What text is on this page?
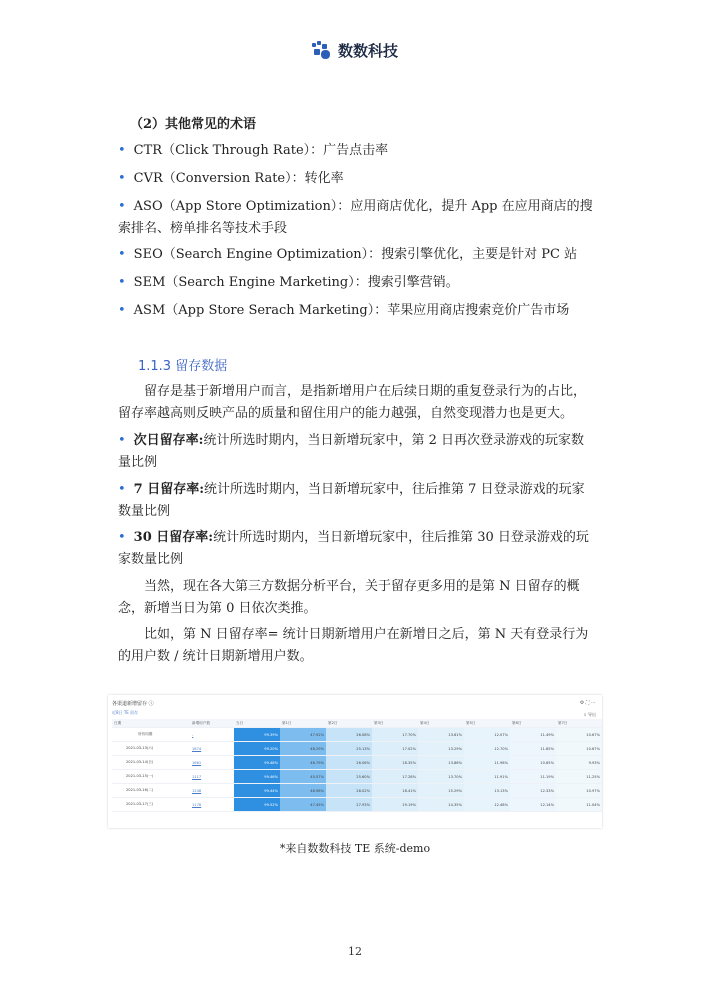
数数科技
（2）其他常见的术语
• CTR（Click Through Rate）：广告点击率
• CVR（Conversion Rate）：转化率
• ASO（App Store Optimization）：应用商店优化，提升 App 在应用商店的搜索排名、榜单排名等技术手段
• SEO（Search Engine Optimization）：搜索引擎优化，主要是针对 PC 站
• SEM（Search Engine Marketing）：搜索引擎营销。
• ASM（App Store Serach Marketing）：苹果应用商店搜索竞价广告市场
1.1.3 留存数据
留存是基于新增用户而言，是指新增用户在后续日期的重复登录行为的占比，留存率越高则反映产品的质量和留住用户的能力越强，自然变现潜力也是更大。
• 次日留存率:统计所选时期内，当日新增玩家中，第 2 日再次登录游戏的玩家数量比例
• 7 日留存率:统计所选时期内，当日新增玩家中，往后推第 7 日登录游戏的玩家数量比例
• 30 日留存率:统计所选时期内，当日新增玩家中，往后推第 30 日登录游戏的玩家数量比例
当然，现在各大第三方数据分析平台，关于留存更多用的是第 N 日留存的概念，新增当日为第 0 日依次类推。
比如，第 N 日留存率= 统计日期新增用户在新增日之后，第 N 天有登录行为的用户数 / 统计日期新增用户数。
各渠道新增留存 ⓘ
近8日 TE 留存
⚙ ⛶ ⋯
⇩ 导出
日期	新增用户数	当日	第1日	第2日	第3日	第4日	第5日	第6日	第7日
所有同期	-	99.39%	47.92%	26.08%	17.70%	13.61%	12.07%	11.49%	10.67%
2021-03-13(六)	1874	99.20%	48.29%	25.13%	17.02%	13.29%	12.70%	11.85%	10.67%
2021-03-14(日)	1661	99.48%	46.79%	26.06%	18.35%	13.86%	11.98%	10.65%	9.93%
2021-03-15(一)	1117	99.46%	45.57%	25.60%	17.28%	13.70%	11.91%	11.19%	11.25%
2021-03-16(二)	1248	99.44%	48.96%	28.02%	18.41%	15.29%	13.13%	12.33%	10.97%
2021-03-17(三)	1178	99.52%	47.45%	27.93%	19.19%	14.35%	12.48%	12.14%	11.04%
*来自数数科技 TE 系统-demo
12
